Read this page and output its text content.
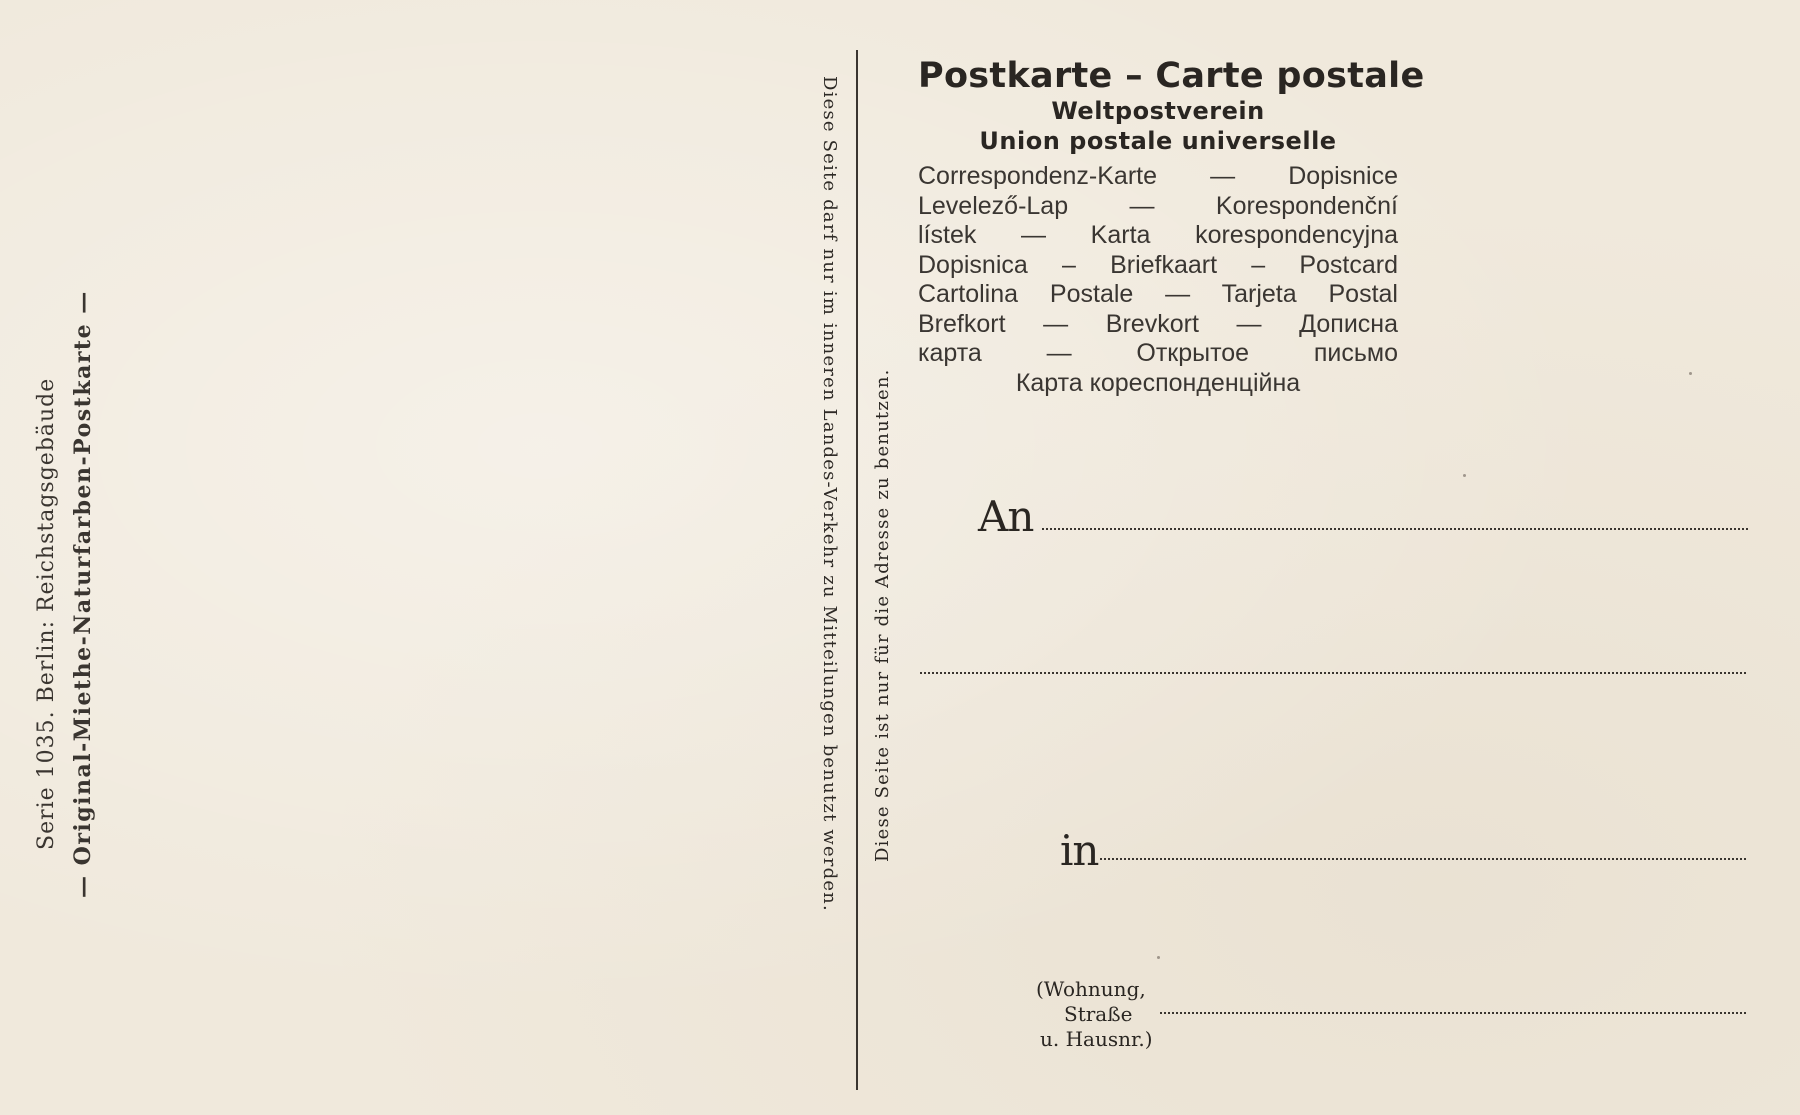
Serie 1035. Berlin: Reichstagsgebäude — Original-Miethe-Naturfarben-Postkarte —	Diese Seite darf nur im inneren Landes-Verkehr zu Mitteilungen benutzt werden. Diese Seite ist nur für die Adresse zu benutzen.
Postkarte – Carte postale
Weltpostverein
Union postale universelle
Correspondenz-Karte — Dopisnice
Levelező-Lap — Korespondenční
lístek — Karta korespondencyjna
Dopisnica – Briefkaart – Postcard
Cartolina Postale — Tarjeta Postal
Brefkort — Brevkort — Дописна
карта — Открытое письмо
Карта кореспонденційна
An
in
(Wohnung,
Straße
u. Hausnr.)
